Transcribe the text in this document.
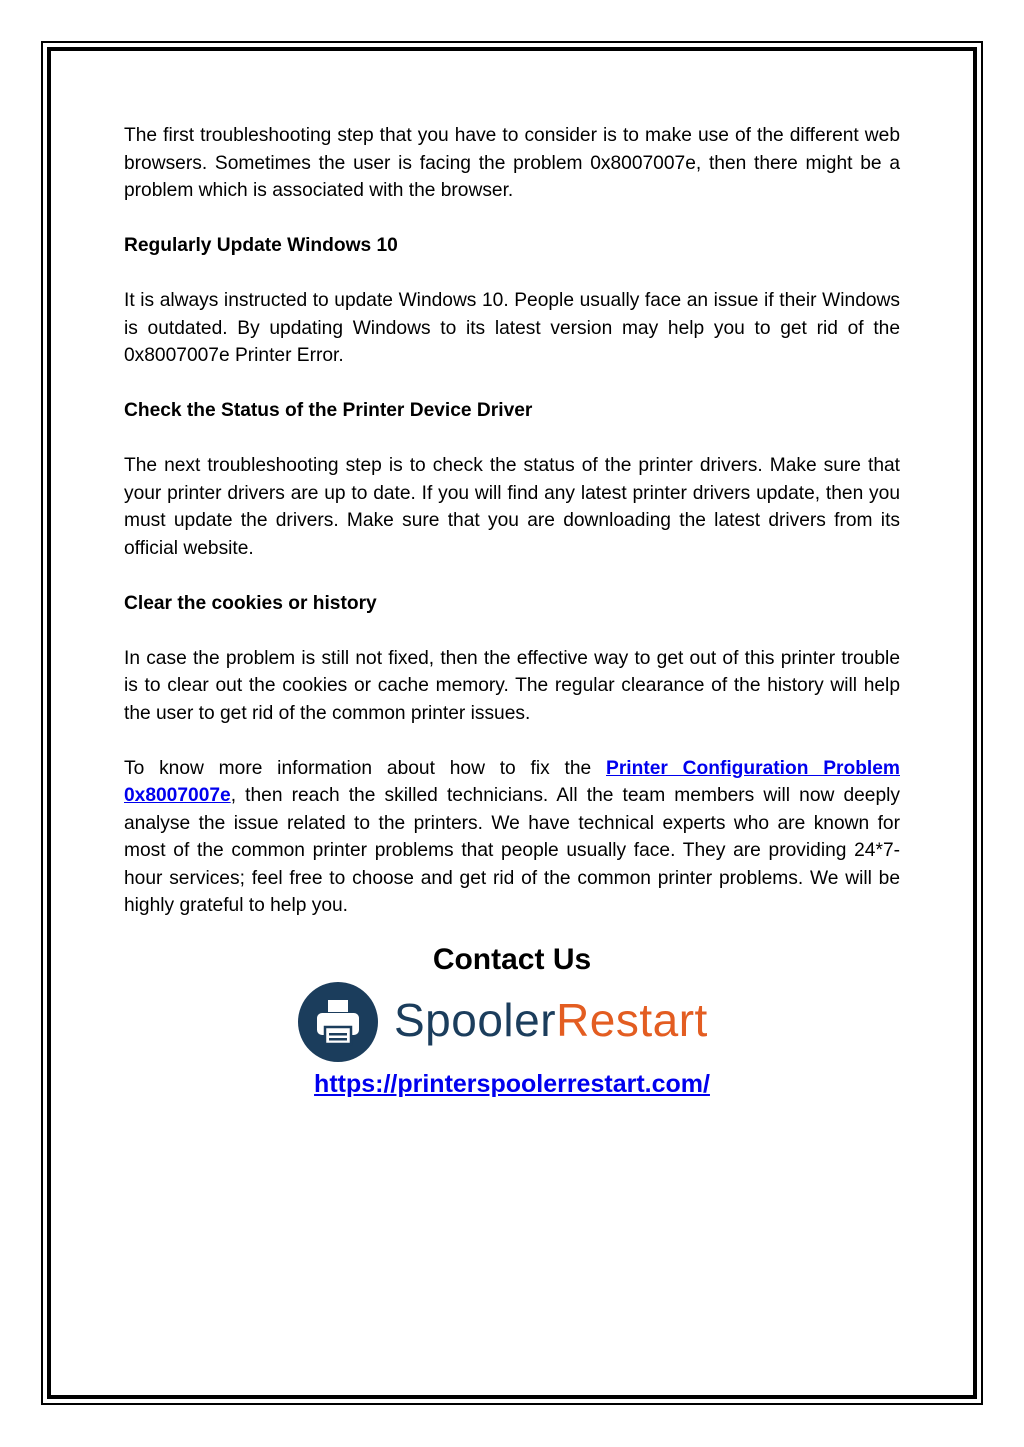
The first troubleshooting step that you have to consider is to make use of the different web browsers. Sometimes the user is facing the problem 0x8007007e, then there might be a problem which is associated with the browser.

Regularly Update Windows 10

It is always instructed to update Windows 10. People usually face an issue if their Windows is outdated. By updating Windows to its latest version may help you to get rid of the 0x8007007e Printer Error.

Check the Status of the Printer Device Driver

The next troubleshooting step is to check the status of the printer drivers. Make sure that your printer drivers are up to date. If you will find any latest printer drivers update, then you must update the drivers. Make sure that you are downloading the latest drivers from its official website.

Clear the cookies or history

In case the problem is still not fixed, then the effective way to get out of this printer trouble is to clear out the cookies or cache memory. The regular clearance of the history will help the user to get rid of the common printer issues.

To know more information about how to fix the Printer Configuration Problem 0x8007007e, then reach the skilled technicians. All the team members will now deeply analyse the issue related to the printers. We have technical experts who are known for most of the common printer problems that people usually face. They are providing 24*7-hour services; feel free to choose and get rid of the common printer problems. We will be highly grateful to help you.

Contact Us
SpoolerRestart
https://printerspoolerrestart.com/
